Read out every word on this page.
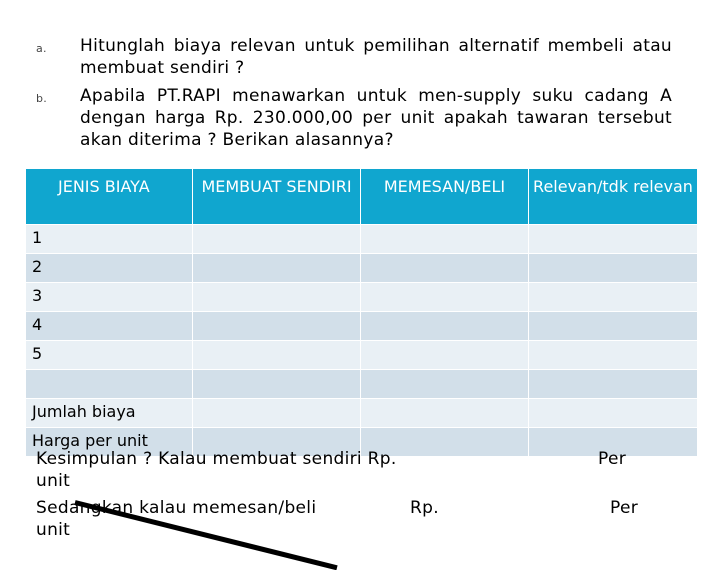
a. Hitunglah biaya relevan untuk pemilihan alternatif membeli atau membuat sendiri ?
b. Apabila PT.RAPI menawarkan untuk men-supply suku cadang A dengan harga Rp. 230.000,00 per unit apakah tawaran tersebut akan diterima ? Berikan alasannya?
JENIS BIAYA	MEMBUAT SENDIRI	MEMESAN/BELI	Relevan/tdk relevan
1			
2			
3			
4			
5			

Jumlah biaya			
Harga per unit			
Kesimpulan ? Kalau membuat sendiri Rp.	Per
unit
Sedangkan kalau memesan/beli	Rp.	Per
unit
